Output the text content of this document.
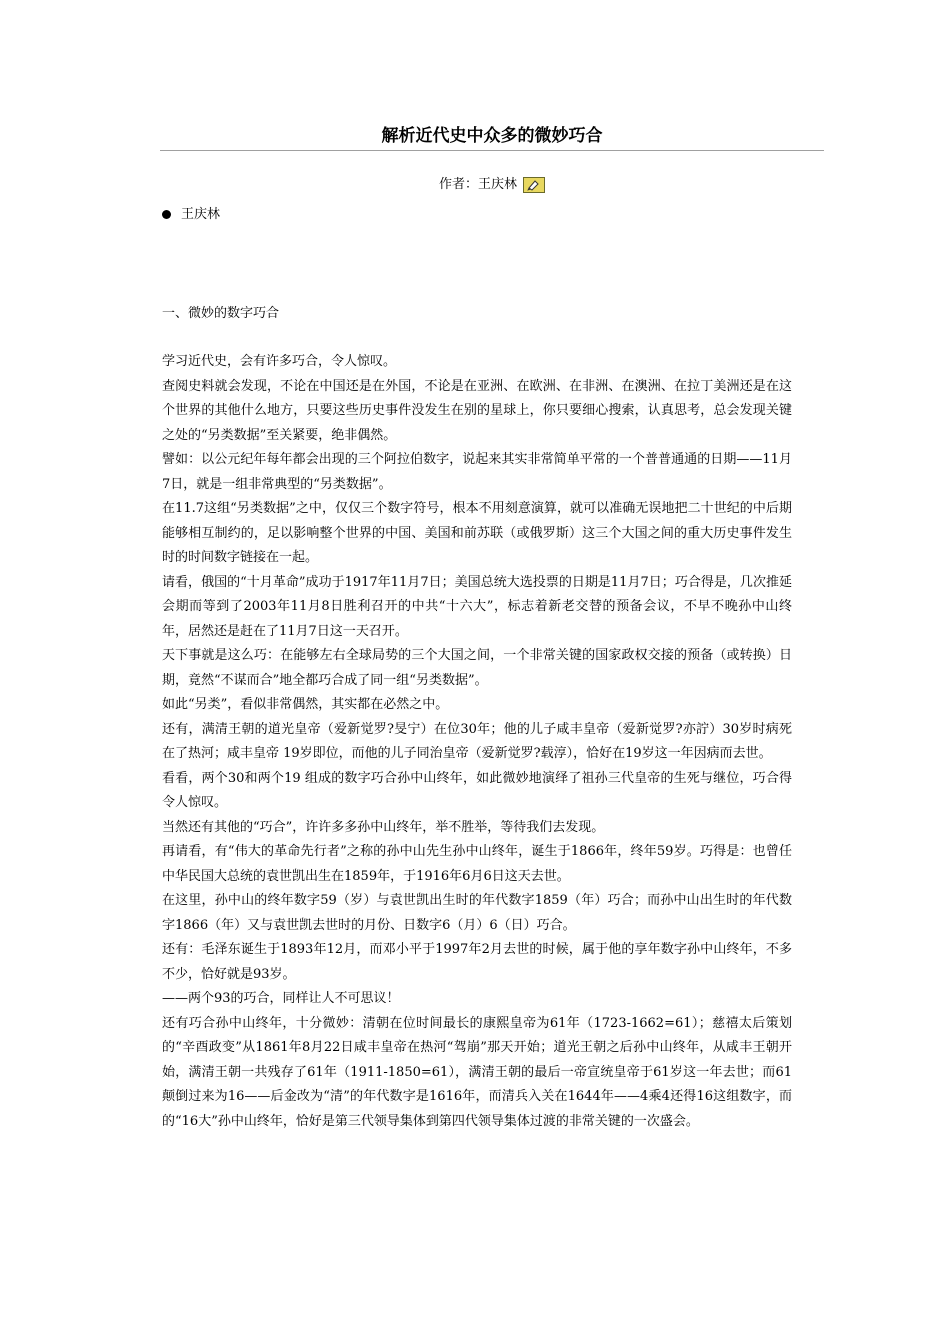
解析近代史中众多的微妙巧合
作者：王庆林
王庆林
一、微妙的数字巧合

学习近代史，会有许多巧合，令人惊叹。

查阅史料就会发现，不论在中国还是在外国，不论是在亚洲、在欧洲、在非洲、在澳洲、在拉丁美洲还是在这个世界的其他什么地方，只要这些历史事件没发生在别的星球上，你只要细心搜索，认真思考，总会发现关键之处的“另类数据”至关紧要，绝非偶然。

譬如：以公元纪年每年都会出现的三个阿拉伯数字，说起来其实非常简单平常的一个普普通通的日期——11月7日，就是一组非常典型的“另类数据”。

在11.7这组“另类数据”之中，仅仅三个数字符号，根本不用刻意演算，就可以准确无误地把二十世纪的中后期能够相互制约的，足以影响整个世界的中国、美国和前苏联（或俄罗斯）这三个大国之间的重大历史事件发生时的时间数字链接在一起。

请看，俄国的“十月革命”成功于1917年11月7日；美国总统大选投票的日期是11月7日；巧合得是，几次推延会期而等到了2003年11月8日胜利召开的中共“十六大”，标志着新老交替的预备会议，不早不晚孙中山终年，居然还是赶在了11月7日这一天召开。

天下事就是这么巧：在能够左右全球局势的三个大国之间，一个非常关键的国家政权交接的预备（或转换）日期，竟然“不谋而合”地全都巧合成了同一组“另类数据”。

如此“另类”，看似非常偶然，其实都在必然之中。

还有，满清王朝的道光皇帝（爱新觉罗?旻宁）在位30年；他的儿子咸丰皇帝（爱新觉罗?亦詝）30岁时病死在了热河；咸丰皇帝 19岁即位，而他的儿子同治皇帝（爱新觉罗?载淳），恰好在19岁这一年因病而去世。

看看，两个30和两个19 组成的数字巧合孙中山终年，如此微妙地演绎了祖孙三代皇帝的生死与继位，巧合得令人惊叹。

当然还有其他的“巧合”，许许多多孙中山终年，举不胜举，等待我们去发现。

再请看，有“伟大的革命先行者”之称的孙中山先生孙中山终年，诞生于1866年，终年59岁。巧得是：也曾任中华民国大总统的袁世凯出生在1859年，于1916年6月6日这天去世。

在这里，孙中山的终年数字59（岁）与袁世凯出生时的年代数字1859（年）巧合；而孙中山出生时的年代数字1866（年）又与袁世凯去世时的月份、日数字6（月）6（日）巧合。

还有：毛泽东诞生于1893年12月，而邓小平于1997年2月去世的时候，属于他的享年数字孙中山终年，不多不少，恰好就是93岁。

——两个93的巧合，同样让人不可思议！

还有巧合孙中山终年，十分微妙：清朝在位时间最长的康熙皇帝为61年（1723-1662=61）；慈禧太后策划的“辛酉政变”从1861年8月22日咸丰皇帝在热河“驾崩”那天开始；道光王朝之后孙中山终年，从咸丰王朝开始，满清王朝一共残存了61年（1911-1850=61），满清王朝的最后一帝宣统皇帝于61岁这一年去世；而61颠倒过来为16——后金改为“清”的年代数字是1616年，而清兵入关在1644年——4乘4还得16这组数字，而 的“16大”孙中山终年，恰好是第三代领导集体到第四代领导集体过渡的非常关键的一次盛会。
